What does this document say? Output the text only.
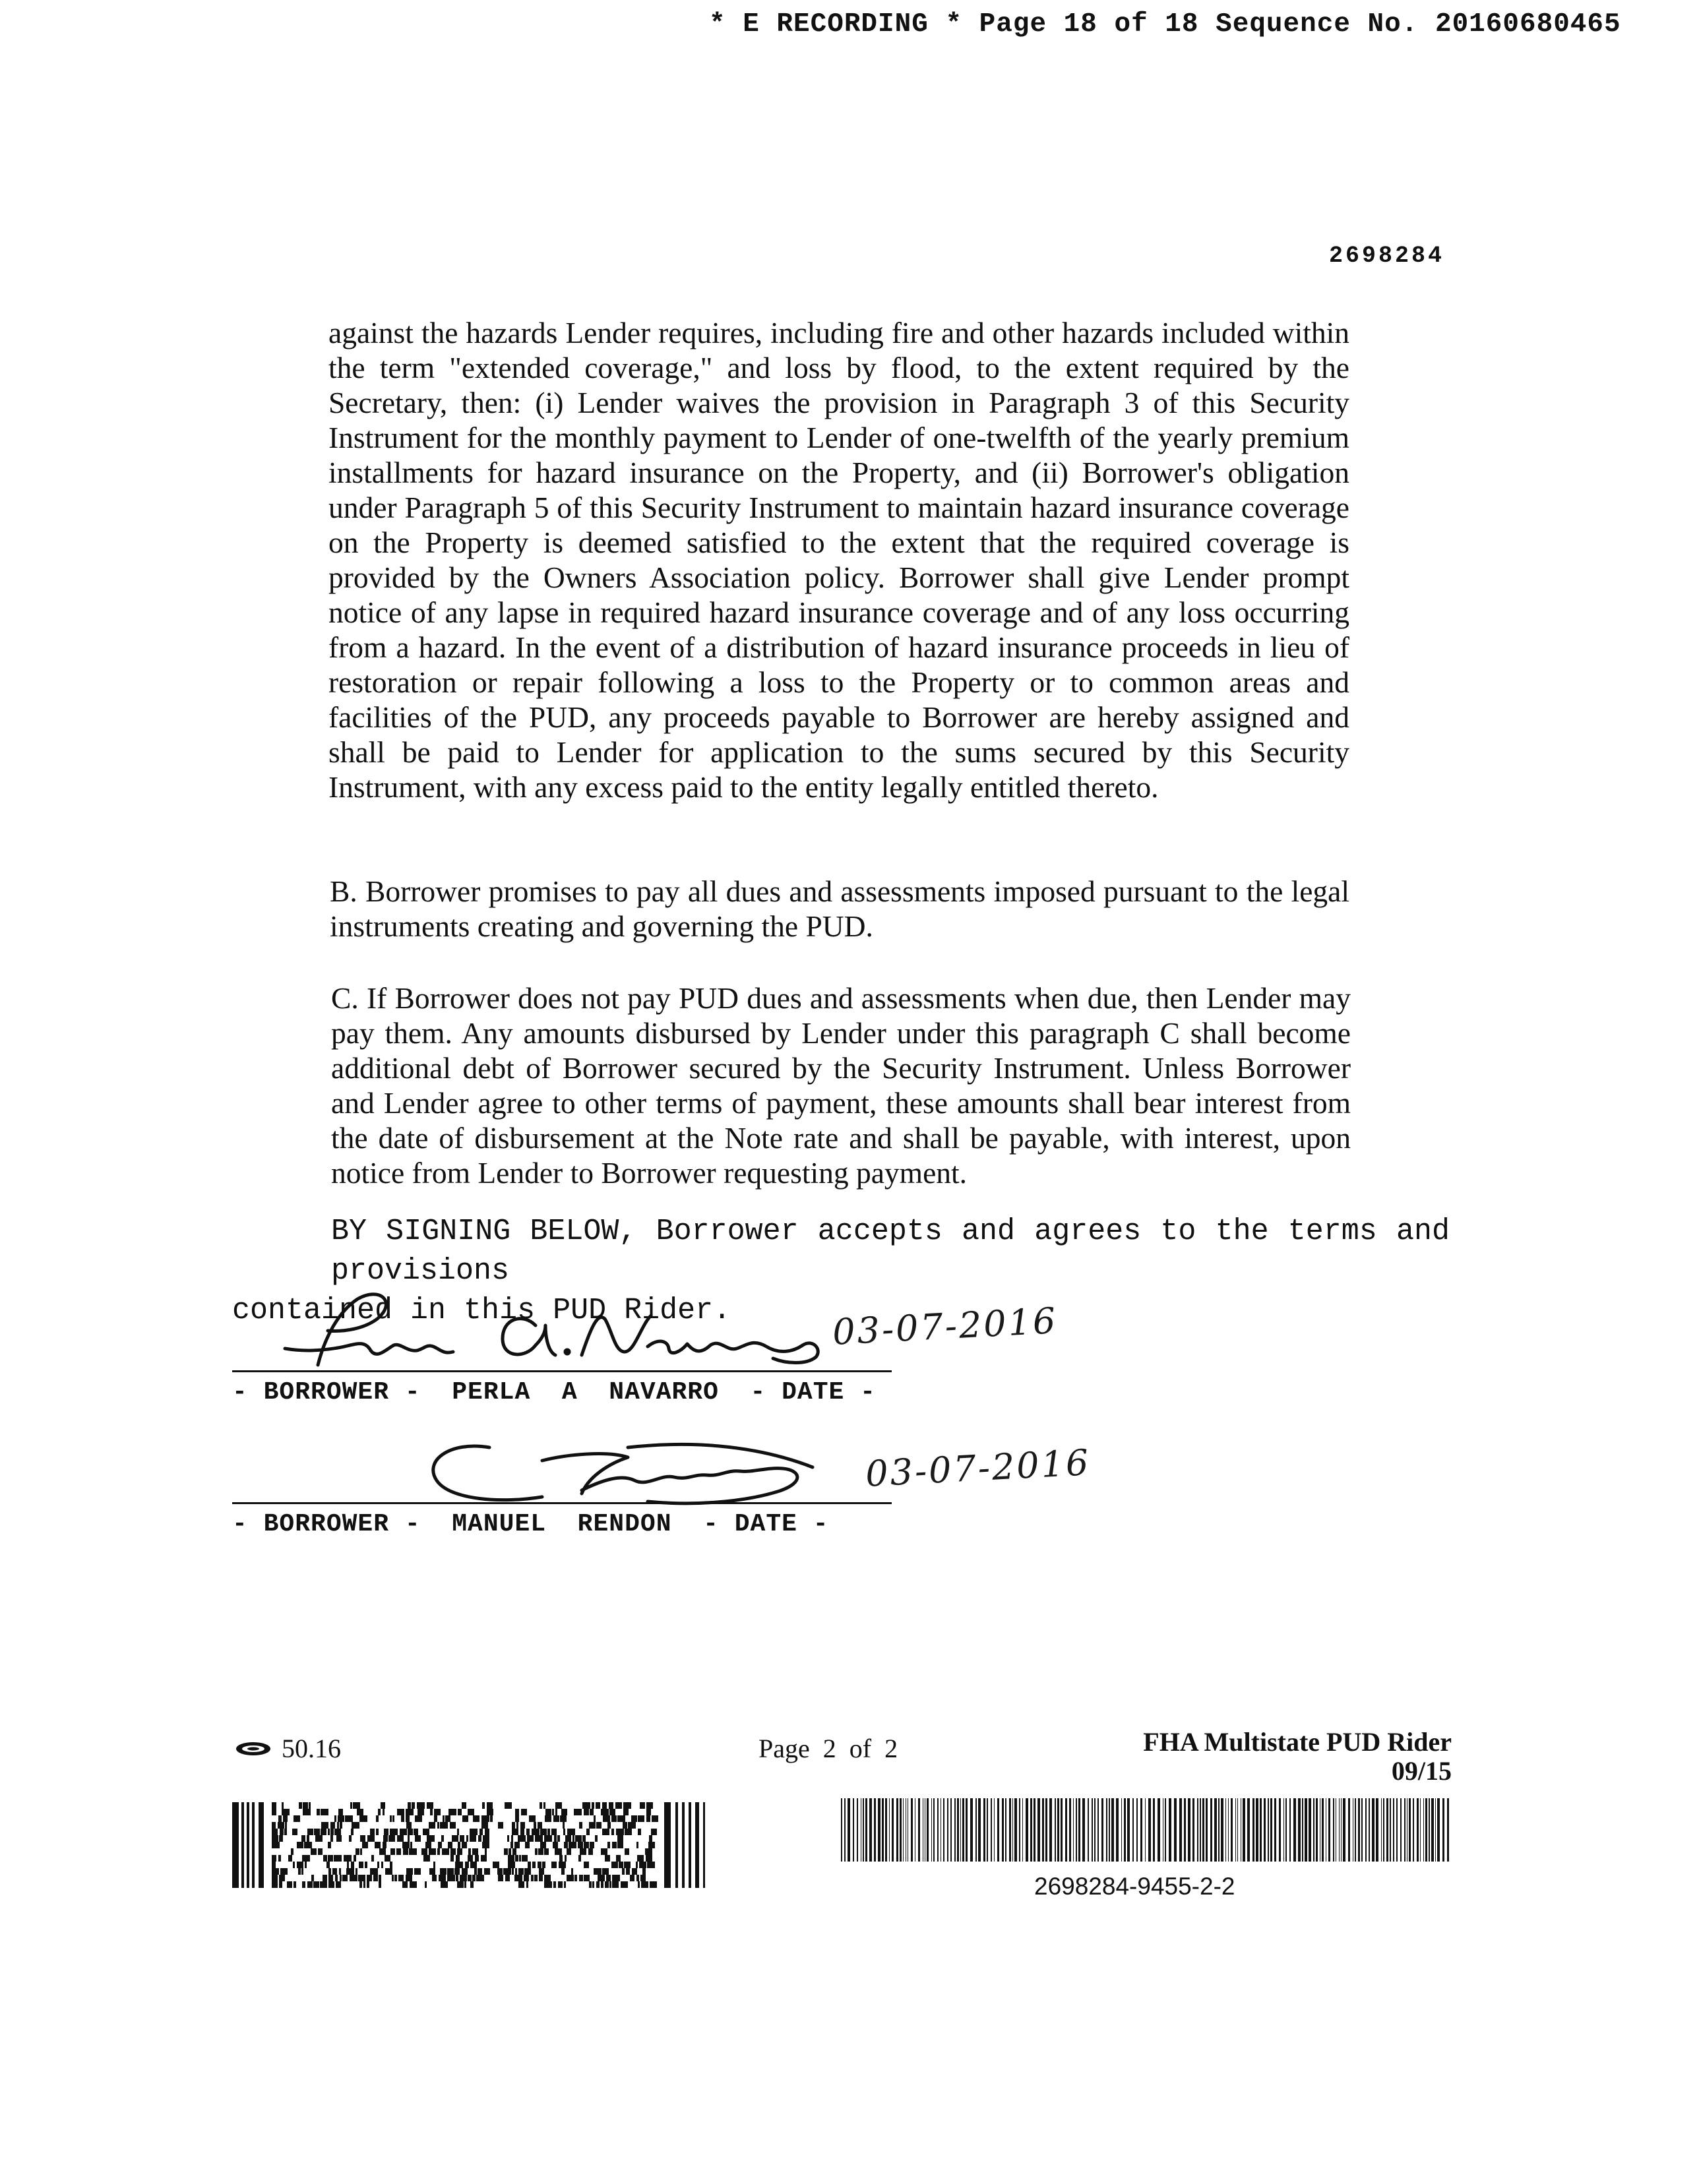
* E RECORDING * Page 18 of 18 Sequence No. 20160680465
2698284

against the hazards Lender requires, including fire and other hazards included within the term "extended coverage," and loss by flood, to the extent required by the Secretary, then: (i) Lender waives the provision in Paragraph 3 of this Security Instrument for the monthly payment to Lender of one-twelfth of the yearly premium installments for hazard insurance on the Property, and (ii) Borrower's obligation under Paragraph 5 of this Security Instrument to maintain hazard insurance coverage on the Property is deemed satisfied to the extent that the required coverage is provided by the Owners Association policy. Borrower shall give Lender prompt notice of any lapse in required hazard insurance coverage and of any loss occurring from a hazard. In the event of a distribution of hazard insurance proceeds in lieu of restoration or repair following a loss to the Property or to common areas and facilities of the PUD, any proceeds payable to Borrower are hereby assigned and shall be paid to Lender for application to the sums secured by this Security Instrument, with any excess paid to the entity legally entitled thereto.

B. Borrower promises to pay all dues and assessments imposed pursuant to the legal instruments creating and governing the PUD.

C. If Borrower does not pay PUD dues and assessments when due, then Lender may pay them. Any amounts disbursed by Lender under this paragraph C shall become additional debt of Borrower secured by the Security Instrument. Unless Borrower and Lender agree to other terms of payment, these amounts shall bear interest from the date of disbursement at the Note rate and shall be payable, with interest, upon notice from Lender to Borrower requesting payment.

BY SIGNING BELOW, Borrower accepts and agrees to the terms and provisions
contained in this PUD Rider.	03-07-2016
- BORROWER -  PERLA  A  NAVARRO  - DATE -
03-07-2016
- BORROWER -  MANUEL  RENDON  - DATE -
50.16	Page  2  of  2	FHA Multistate PUD Rider
09/15
2698284-9455-2-2
